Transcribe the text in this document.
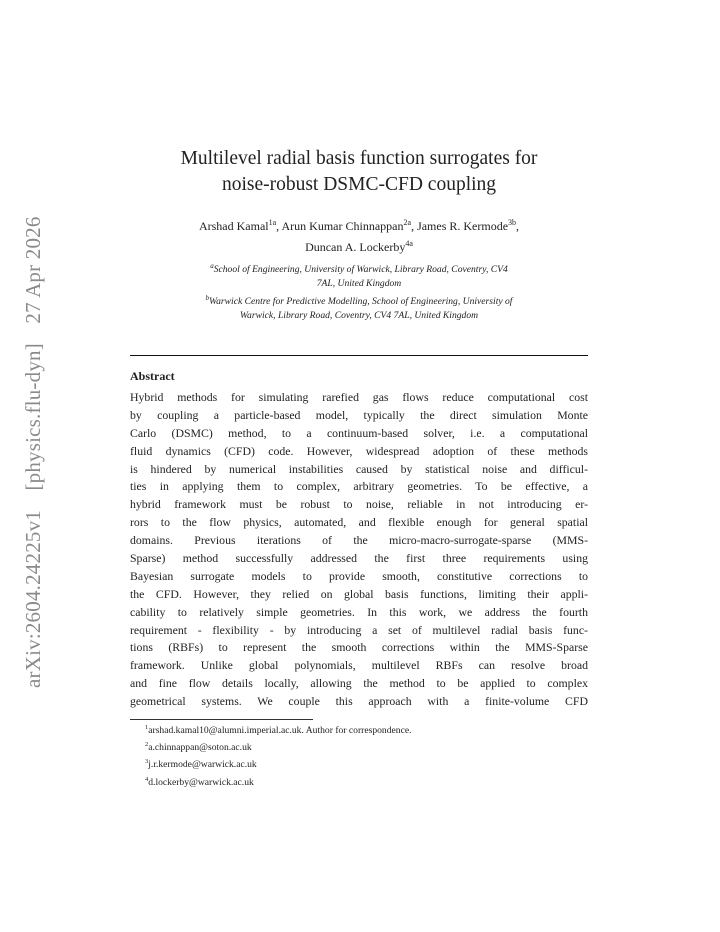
arXiv:2604.24225v1 [physics.flu-dyn] 27 Apr 2026
Multilevel radial basis function surrogates for
noise-robust DSMC-CFD coupling
Arshad Kamal$^{1a}$, Arun Kumar Chinnappan$^{2a}$, James R. Kermode$^{3b}$,
Duncan A. Lockerby$^{4a}$
$^a$School of Engineering, University of Warwick, Library Road, Coventry, CV4
7AL, United Kingdom
$^b$Warwick Centre for Predictive Modelling, School of Engineering, University of
Warwick, Library Road, Coventry, CV4 7AL, United Kingdom
Abstract
Hybrid methods for simulating rarefied gas flows reduce computational cost
by coupling a particle-based model, typically the direct simulation Monte
Carlo (DSMC) method, to a continuum-based solver, i.e. a computational
fluid dynamics (CFD) code. However, widespread adoption of these methods
is hindered by numerical instabilities caused by statistical noise and difficul-
ties in applying them to complex, arbitrary geometries. To be effective, a
hybrid framework must be robust to noise, reliable in not introducing er-
rors to the flow physics, automated, and flexible enough for general spatial
domains. Previous iterations of the micro-macro-surrogate-sparse (MMS-
Sparse) method successfully addressed the first three requirements using
Bayesian surrogate models to provide smooth, constitutive corrections to
the CFD. However, they relied on global basis functions, limiting their appli-
cability to relatively simple geometries. In this work, we address the fourth
requirement - flexibility - by introducing a set of multilevel radial basis func-
tions (RBFs) to represent the smooth corrections within the MMS-Sparse
framework. Unlike global polynomials, multilevel RBFs can resolve broad
and fine flow details locally, allowing the method to be applied to complex
geometrical systems. We couple this approach with a finite-volume CFD
$^1$arshad.kamal10@alumni.imperial.ac.uk. Author for correspondence.
$^2$a.chinnappan@soton.ac.uk
$^3$j.r.kermode@warwick.ac.uk
$^4$d.lockerby@warwick.ac.uk
